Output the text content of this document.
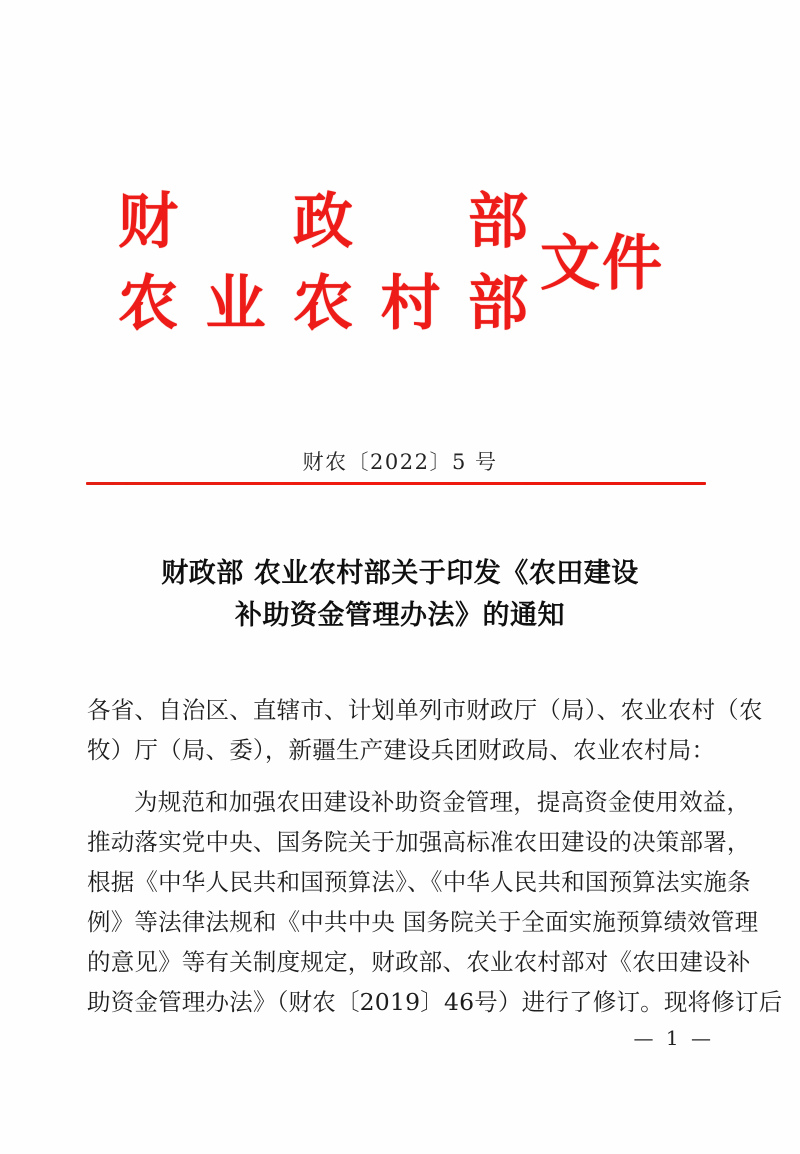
财 政 部
农 业 农 村 部
文件
财农〔2022〕5 号
财政部 农业农村部关于印发《农田建设
补助资金管理办法》的通知
各省、自治区、直辖市、计划单列市财政厅（局）、农业农村（农
牧）厅（局、委），新疆生产建设兵团财政局、农业农村局：
为规范和加强农田建设补助资金管理，提高资金使用效益，
推动落实党中央、国务院关于加强高标准农田建设的决策部署，
根据《中华人民共和国预算法》、《中华人民共和国预算法实施条
例》等法律法规和《中共中央 国务院关于全面实施预算绩效管理
的意见》等有关制度规定，财政部、农业农村部对《农田建设补
助资金管理办法》（财农〔2019〕46号）进行了修订。现将修订后
— 1 —
